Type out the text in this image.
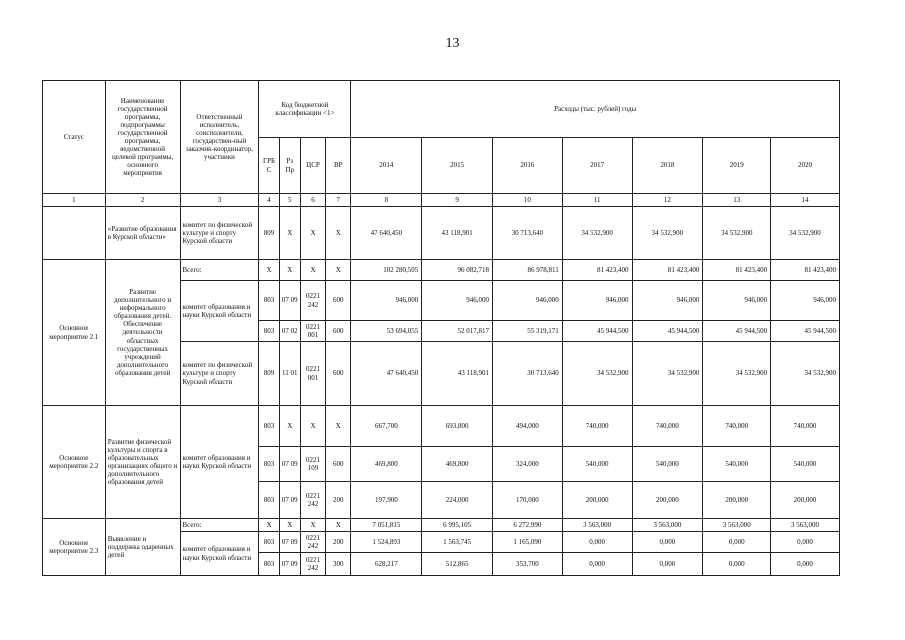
13
Статус	Наименование государственной программы, подпрограммы государственной программы, ведомственной целевой программы, основного мероприятия	Ответственный исполнитель, соисполнители, государствен-ный заказчик-координатор, участники	Код бюджетной классификации <1>				Расходы (тыс. рублей) годы						
			ГРБС	Рз Пр	ЦСР	ВР	2014	2015	2016	2017	2018	2019	2020
1	2	3	4	5	6	7	8	9	10	11	12	13	14
	«Развитие образования в Курской области»	комитет по физической культуре и спорту Курской области	809	Х	Х	Х	47 640,450	43 118,901	30 713,640	34 532,900	34 532,900	34 532,900	34 532,900
Основное мероприятие 2.1	Развитие дополнительного и неформального образования детей. Обеспечение деятельности областных государственных учреждений дополнительного образования детей	Всего:	Х	Х	Х	Х	102 280,505	96 082,718	86 978,811	81 423,400	81 423,400	81 423,400	81 423,400
		комитет образования и науки Курской области	803	07 09	0221 242	600	946,000	946,000	946,000	946,000	946,000	946,000	946,000
			803	07 02	0221 001	600	53 694,055	52 017,817	55 319,171	45 944,500	45 944,500	45 944,500	45 944,500
		комитет по физической культуре и спорту Курской области	809	11 01	0221 001	600	47 640,450	43 118,901	30 713,640	34 532,900	34 532,900	34 532,900	34 532,900
Основное мероприятие 2.2	Развитие физической культуры и спорта в образовательных организациях общего и дополнительного образования детей	комитет образования и науки Курской области	803	Х	Х	Х	667,700	693,800	494,000	740,000	740,000	740,000	740,000
			803	07 09	0221 109	600	469,800	469,800	324,000	540,000	540,000	540,000	540,000
			803	07 09	0221 242	200	197,900	224,000	170,000	200,000	200,000	200,000	200,000
Основное мероприятие 2.3	Выявление и поддержка одаренных детей	Всего:	Х	Х	Х	Х	7 051,815	6 995,105	6 272,990	3 563,000	3 563,000	3 563,000	3 563,000
		комитет образования и науки Курской области	803	07 09	0221 242	200	1 524,893	1 563,745	1 165,090	0,000	0,000	0,000	0,000
			803	07 09	0221 242	300	628,217	512,865	353,700	0,000	0,000	0,000	0,000
